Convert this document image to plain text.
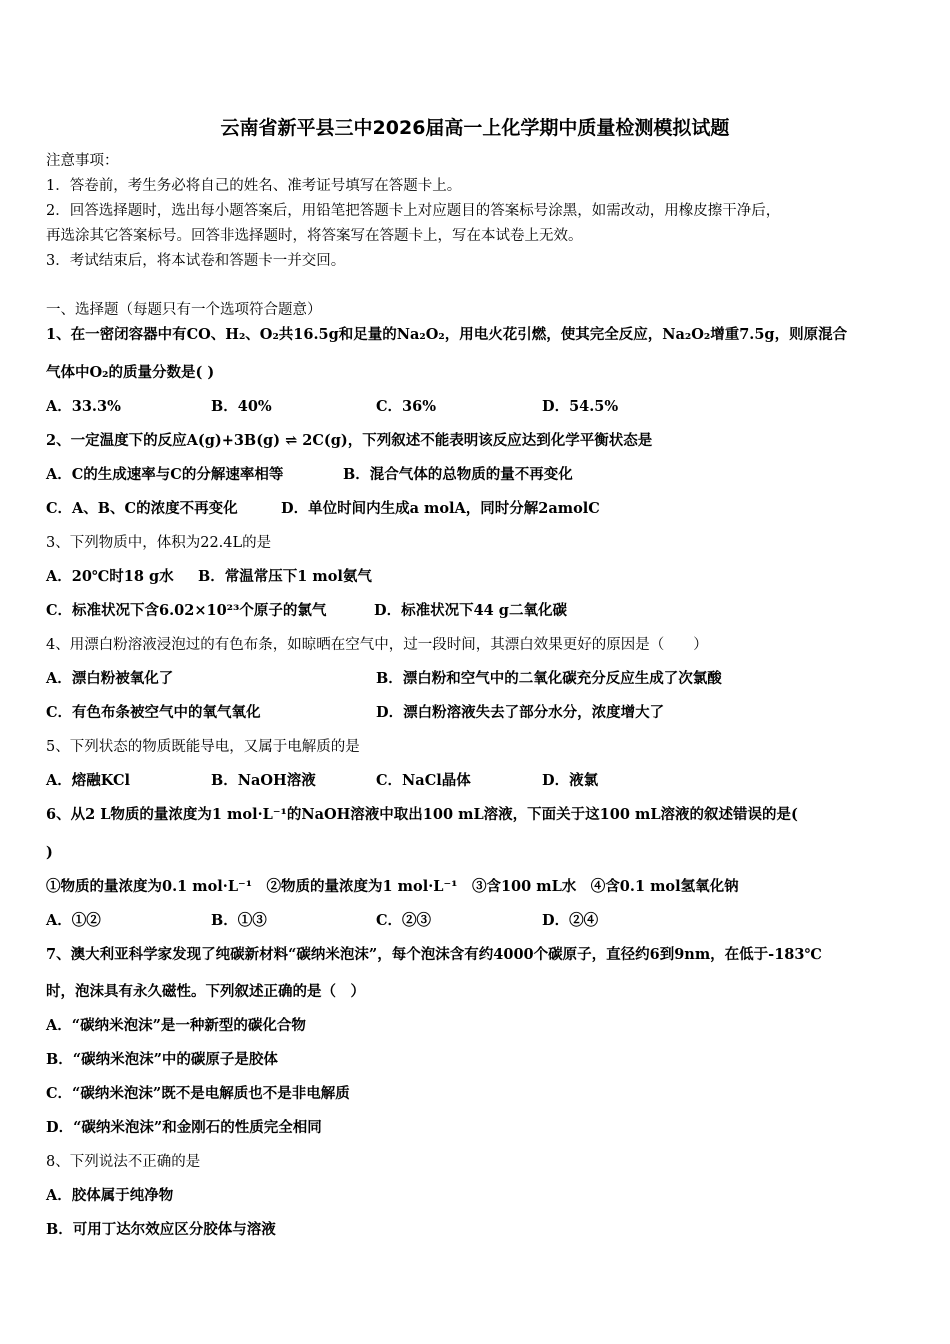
云南省新平县三中2026届高一上化学期中质量检测模拟试题
注意事项：
1．答卷前，考生务必将自己的姓名、准考证号填写在答题卡上。
2．回答选择题时，选出每小题答案后，用铅笔把答题卡上对应题目的答案标号涂黑，如需改动，用橡皮擦干净后，
再选涂其它答案标号。回答非选择题时，将答案写在答题卡上，写在本试卷上无效。
3．考试结束后，将本试卷和答题卡一并交回。
一、选择题（每题只有一个选项符合题意）
1、在一密闭容器中有CO、H₂、O₂共16.5g和足量的Na₂O₂，用电火花引燃，使其完全反应，Na₂O₂增重7.5g，则原混合
气体中O₂的质量分数是( )
A．33.3%	B．40%	C．36%	D．54.5%
2、一定温度下的反应A(g)+3B(g) ⇌ 2C(g)，下列叙述不能表明该反应达到化学平衡状态是
A．C的生成速率与C的分解速率相等	B．混合气体的总物质的量不再变化
C．A、B、C的浓度不再变化	D．单位时间内生成a molA，同时分解2amolC
3、下列物质中，体积为22.4L的是
A．20℃时18 g水 B．常温常压下1 mol氨气
C．标准状况下含6.02×10²³个原子的氯气	D．标准状况下44 g二氧化碳
4、用漂白粉溶液浸泡过的有色布条，如晾晒在空气中，过一段时间，其漂白效果更好的原因是（　　）
A．漂白粉被氧化了	B．漂白粉和空气中的二氧化碳充分反应生成了次氯酸
C．有色布条被空气中的氧气氧化	D．漂白粉溶液失去了部分水分，浓度增大了
5、下列状态的物质既能导电，又属于电解质的是
A．熔融KCl	B．NaOH溶液	C．NaCl晶体	D．液氯
6、从2 L物质的量浓度为1 mol·L⁻¹的NaOH溶液中取出100 mL溶液，下面关于这100 mL溶液的叙述错误的是(
)
①物质的量浓度为0.1 mol·L⁻¹　②物质的量浓度为1 mol·L⁻¹　③含100 mL水　④含0.1 mol氢氧化钠
A．①②	B．①③	C．②③	D．②④
7、澳大利亚科学家发现了纯碳新材料“碳纳米泡沫”，每个泡沫含有约4000个碳原子，直径约6到9nm，在低于-183℃
时，泡沫具有永久磁性。下列叙述正确的是（　）
A．“碳纳米泡沫”是一种新型的碳化合物
B．“碳纳米泡沫”中的碳原子是胶体
C．“碳纳米泡沫”既不是电解质也不是非电解质
D．“碳纳米泡沫”和金刚石的性质完全相同
8、下列说法不正确的是
A．胶体属于纯净物
B．可用丁达尔效应区分胶体与溶液
